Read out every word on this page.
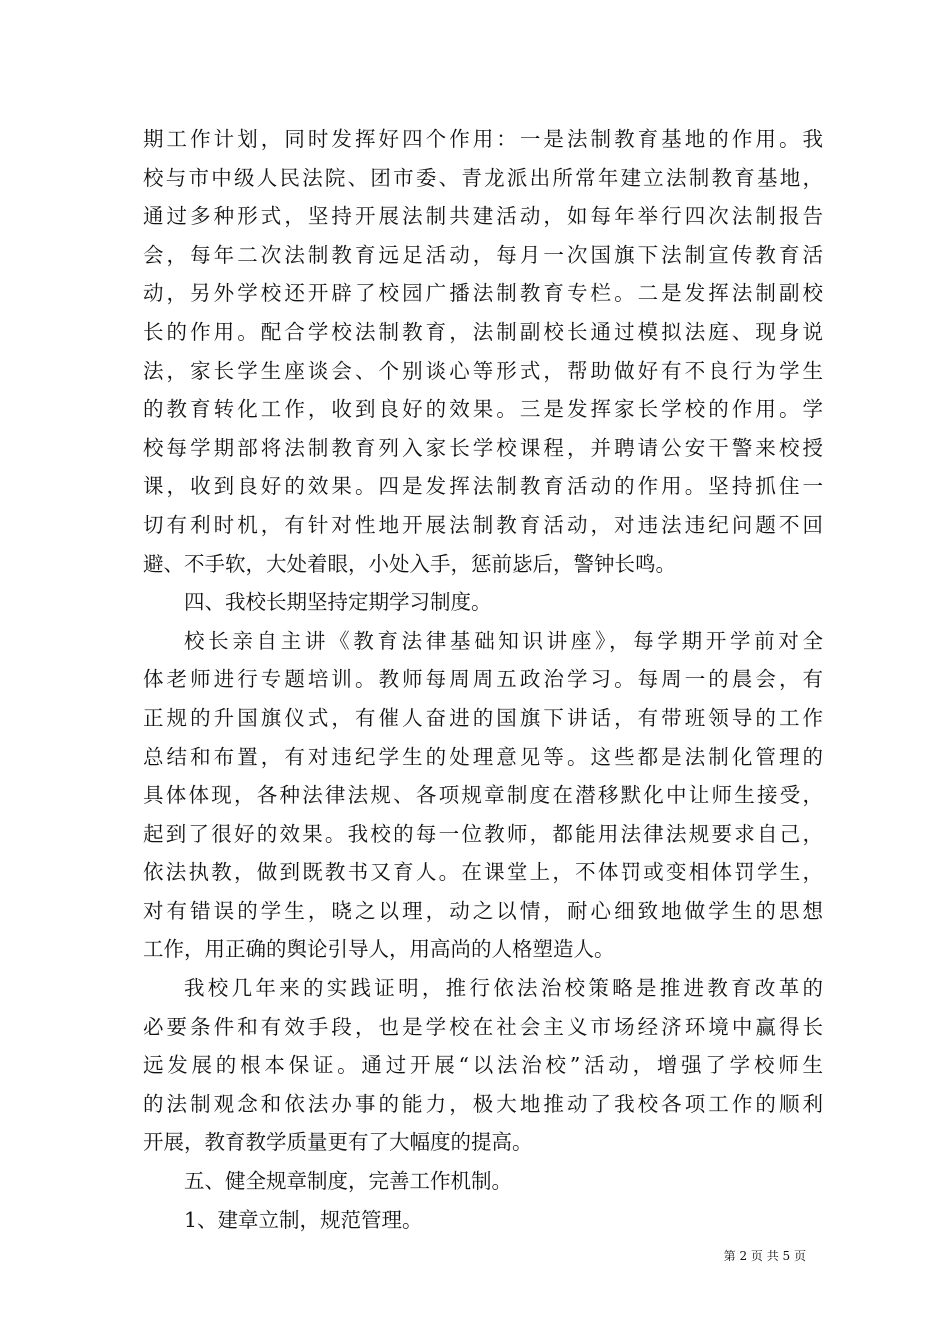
期工作计划，同时发挥好四个作用：一是法制教育基地的作用。我
校与市中级人民法院、团市委、青龙派出所常年建立法制教育基地，
通过多种形式，坚持开展法制共建活动，如每年举行四次法制报告
会，每年二次法制教育远足活动，每月一次国旗下法制宣传教育活
动，另外学校还开辟了校园广播法制教育专栏。二是发挥法制副校
长的作用。配合学校法制教育，法制副校长通过模拟法庭、现身说
法，家长学生座谈会、个别谈心等形式，帮助做好有不良行为学生
的教育转化工作，收到良好的效果。三是发挥家长学校的作用。学
校每学期部将法制教育列入家长学校课程，并聘请公安干警来校授
课，收到良好的效果。四是发挥法制教育活动的作用。坚持抓住一
切有利时机，有针对性地开展法制教育活动，对违法违纪问题不回
避、不手软，大处着眼，小处入手，惩前毖后，警钟长鸣。
四、我校长期坚持定期学习制度。
校长亲自主讲《教育法律基础知识讲座》，每学期开学前对全
体老师进行专题培训。教师每周周五政治学习。每周一的晨会，有
正规的升国旗仪式，有催人奋进的国旗下讲话，有带班领导的工作
总结和布置，有对违纪学生的处理意见等。这些都是法制化管理的
具体体现，各种法律法规、各项规章制度在潜移默化中让师生接受，
起到了很好的效果。我校的每一位教师，都能用法律法规要求自己，
依法执教，做到既教书又育人。在课堂上，不体罚或变相体罚学生，
对有错误的学生，晓之以理，动之以情，耐心细致地做学生的思想
工作，用正确的舆论引导人，用高尚的人格塑造人。
我校几年来的实践证明，推行依法治校策略是推进教育改革的
必要条件和有效手段，也是学校在社会主义市场经济环境中赢得长
远发展的根本保证。通过开展“以法治校”活动，增强了学校师生
的法制观念和依法办事的能力，极大地推动了我校各项工作的顺利
开展，教育教学质量更有了大幅度的提高。
五、健全规章制度，完善工作机制。
1、建章立制，规范管理。
第 2 页 共 5 页
